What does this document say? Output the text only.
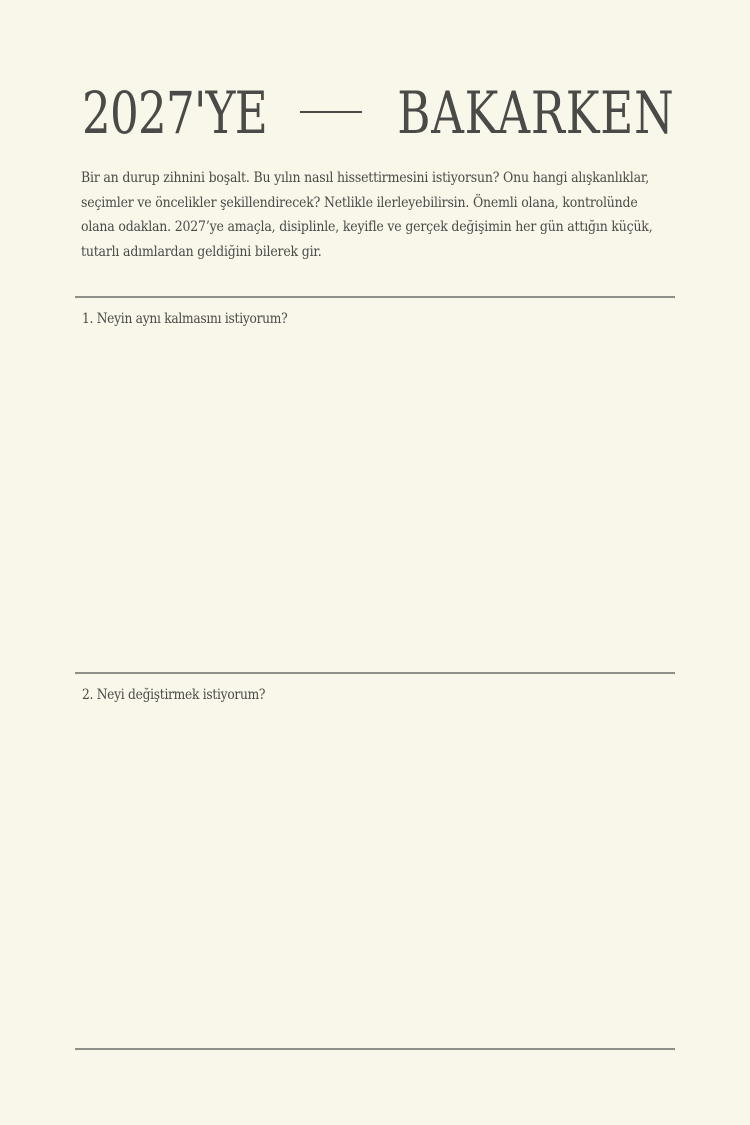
2027'YE BAKARKEN
Bir an durup zihnini boşalt. Bu yılın nasıl hissettirmesini istiyorsun? Onu hangi alışkanlıklar, seçimler ve öncelikler şekillendirecek? Netlikle ilerleyebilirsin. Önemli olana, kontrolünde olana odaklan. 2027’ye amaçla, disiplinle, keyifle ve gerçek değişimin her gün attığın küçük, tutarlı adımlardan geldiğini bilerek gir.
1. Neyin aynı kalmasını istiyorum?
2. Neyi değiştirmek istiyorum?
